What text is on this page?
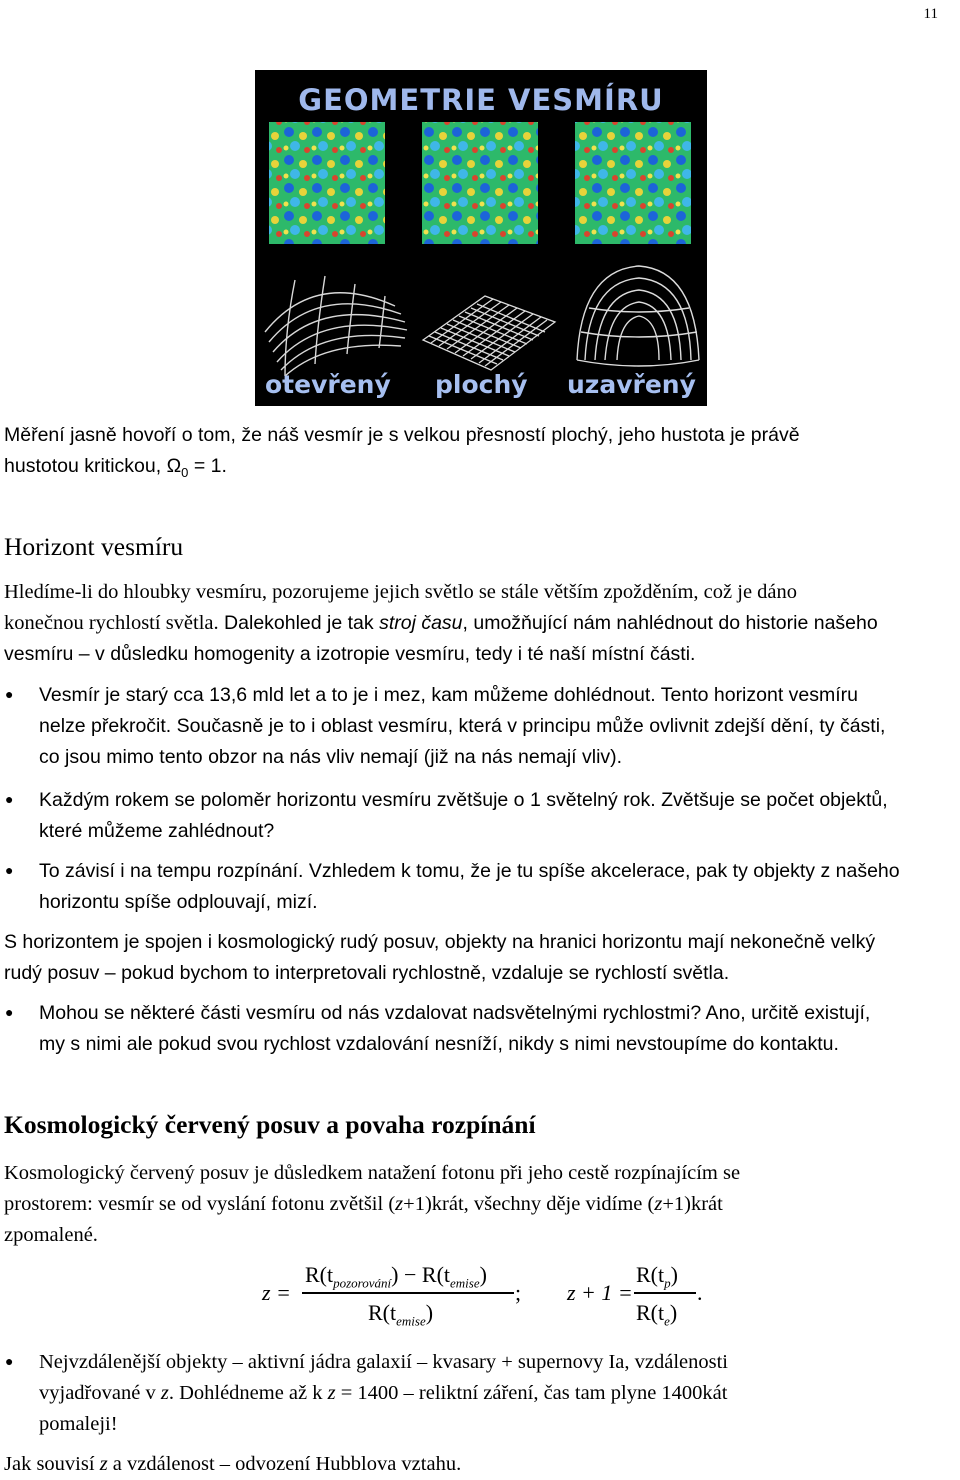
11
GEOMETRIE VESMÍRU
otevřený plochý uzavřený

Měření jasně hovoří o tom, že náš vesmír je s velkou přesností plochý, jeho hustota je právě

hustotou kritickou, $\Omega_0 = 1$.

Horizont vesmíru

Hledíme-li do hloubky vesmíru, pozorujeme jejich světlo se stále větším zpožděním, což je dáno

konečnou rychlostí světla. Dalekohled je tak stroj času, umožňující nám nahlédnout do historie našeho

vesmíru – v důsledku homogenity a izotropie vesmíru, tedy i té naší místní části.

● Vesmír je starý cca 13,6 mld let a to je i mez, kam můžeme dohlédnout. Tento horizont vesmíru

nelze překročit. Současně je to i oblast vesmíru, která v principu může ovlivnit zdejší dění, ty části,

co jsou mimo tento obzor na nás vliv nemají (již na nás nemají vliv).

● Každým rokem se poloměr horizontu vesmíru zvětšuje o 1 světelný rok. Zvětšuje se počet objektů,

které můžeme zahlédnout?

● To závisí i na tempu rozpínání. Vzhledem k tomu, že je tu spíše akcelerace, pak ty objekty z našeho

horizontu spíše odplouvají, mizí.

S horizontem je spojen i kosmologický rudý posuv, objekty na hranici horizontu mají nekonečně velký

rudý posuv – pokud bychom to interpretovali rychlostně, vzdaluje se rychlostí světla.

● Mohou se některé části vesmíru od nás vzdalovat nadsvětelnými rychlostmi? Ano, určitě existují,

my s nimi ale pokud svou rychlost vzdalování nesníží, nikdy s nimi nevstoupíme do kontaktu.

Kosmologický červený posuv a povaha rozpínání

Kosmologický červený posuv je důsledkem natažení fotonu při jeho cestě rozpínajícím se

prostorem: vesmír se od vyslání fotonu zvětšil (z+1)krát, všechny děje vidíme (z+1)krát

zpomalené.

z =
$R(t_{pozorování}) - R(t_{emise})$
$R(t_{emise})$
; z + 1 =
$R(t_p)$
$R(t_e)$
.
● Nejvzdálenější objekty – aktivní jádra galaxií – kvasary + supernovy Ia, vzdálenosti

vyjadřované v z. Dohlédneme až k z = 1400 – reliktní záření, čas tam plyne 1400kát

pomaleji!

Jak souvisí z a vzdálenost – odvození Hubblova vztahu.
